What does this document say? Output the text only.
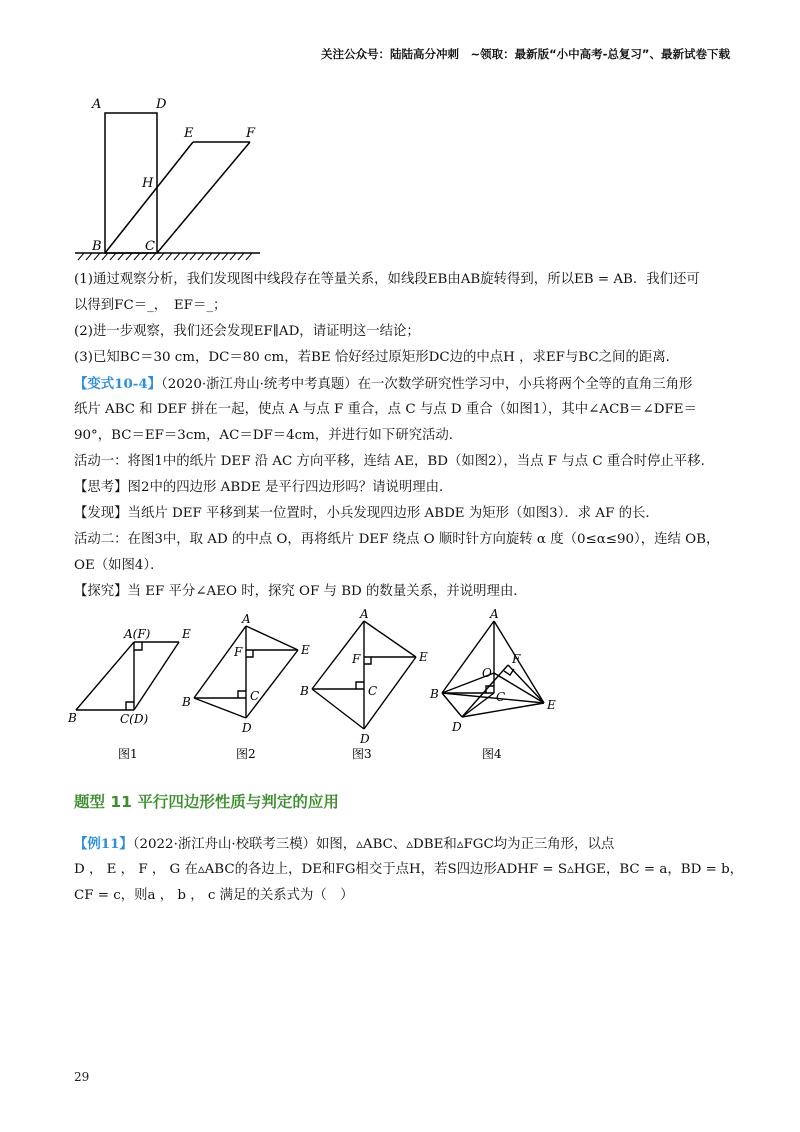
关注公众号：陆陆高分冲刺　~领取：最新版“小中高考-总复习”、最新试卷下载
A	D
E	F
H
B	C
(1)通过观察分析，我们发现图中线段存在等量关系，如线段EB由AB旋转得到，所以EB = AB．我们还可
以得到FC＝_，　EF＝_；
(2)进一步观察，我们还会发现EF∥AD，请证明这一结论；
(3)已知BC＝30 cm，DC＝80 cm，若BE 恰好经过原矩形DC边的中点H ，求EF与BC之间的距离．
【变式10-4】（2020·浙江舟山·统考中考真题）在一次数学研究性学习中，小兵将两个全等的直角三角形
纸片 ABC 和 DEF 拼在一起，使点 A 与点 F 重合，点 C 与点 D 重合（如图1），其中∠ACB＝∠DFE＝
90°，BC＝EF＝3cm，AC＝DF＝4cm，并进行如下研究活动．
活动一：将图1中的纸片 DEF 沿 AC 方向平移，连结 AE，BD（如图2），当点 F 与点 C 重合时停止平移．
【思考】图2中的四边形 ABDE 是平行四边形吗？请说明理由．
【发现】当纸片 DEF 平移到某一位置时，小兵发现四边形 ABDE 为矩形（如图3）．求 AF 的长．
活动二：在图3中，取 AD 的中点 O，再将纸片 DEF 绕点 O 顺时针方向旋转 α 度（0≤α≤90），连结 OB，
OE（如图4）．
【探究】当 EF 平分∠AEO 时，探究 OF 与 BD 的数量关系，并说明理由．
A(F)	E
B	C(D)
图1
A
F	E
B	C
D
图2
A
F	E
B	C
D
图3
A
F
O
B	C
E
D
图4
题型 11 平行四边形性质与判定的应用
【例11】（2022·浙江舟山·校联考三模）如图，▵ABC、▵DBE和▵FGC均为正三角形，以点
D ， E ， F ， G 在▵ABC的各边上，DE和FG相交于点H，若S四边形ADHF = S▵HGE，BC = a，BD = b，
CF = c，则a ， b ， c 满足的关系式为（　）
29
